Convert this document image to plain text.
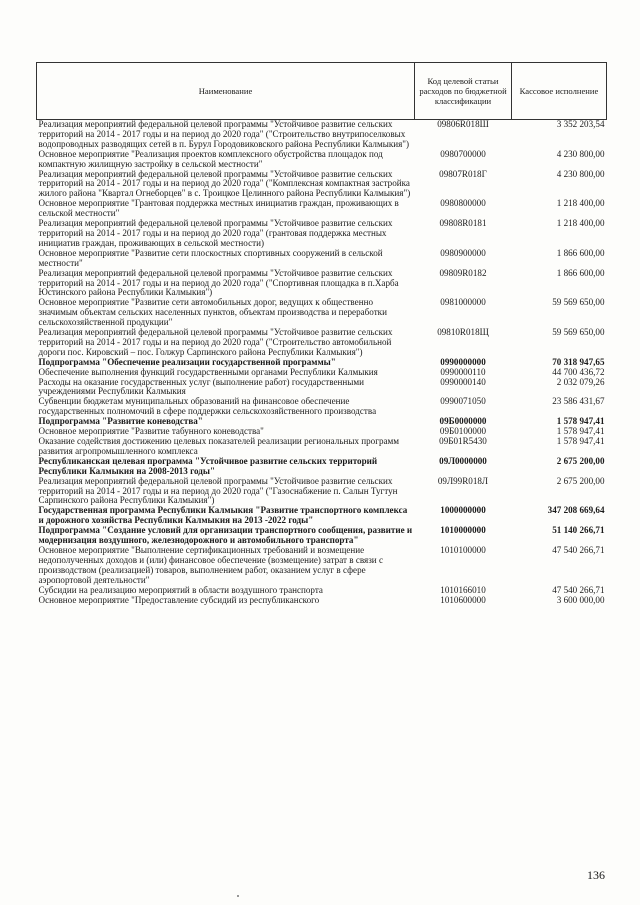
Наименование	Код целевой статьи расходов по бюджетной классификации	Кассовое исполнение
Реализация мероприятий федеральной целевой программы "Устойчивое развитие сельских территорий на 2014 - 2017 годы и на период до 2020 года" ("Строительство внутрипоселковых водопроводных разводящих сетей в п. Бурул Городовиковского района Республики Калмыкия")	09806R018Ш	3 352 203,54
Основное мероприятие "Реализация проектов комплексного обустройства площадок под компактную жилищную застройку в сельской местности"	0980700000	4 230 800,00
Реализация мероприятий федеральной целевой программы "Устойчивое развитие сельских территорий на 2014 - 2017 годы и на период до 2020 года" ("Комплексная компактная застройка жилого района "Квартал Огнеборцев" в с. Троицкое Целинного района Республики Калмыкия")	09807R018Г	4 230 800,00
Основное мероприятие "Грантовая поддержка местных инициатив граждан, проживающих в сельской местности"	0980800000	1 218 400,00
Реализация мероприятий федеральной целевой программы "Устойчивое развитие сельских территорий на 2014 - 2017 годы и на период до 2020 года" (грантовая поддержка местных инициатив граждан, проживающих в сельской местности)	09808R0181	1 218 400,00
Основное мероприятие "Развитие сети плоскостных спортивных сооружений в сельской местности"	0980900000	1 866 600,00
Реализация мероприятий федеральной целевой программы "Устойчивое развитие сельских территорий на 2014 - 2017 годы и на период до 2020 года" ("Спортивная площадка в п.Харба Юстинского района Республики Калмыкия")	09809R0182	1 866 600,00
Основное мероприятие "Развитие сети автомобильных дорог, ведущих к общественно значимым объектам сельских населенных пунктов, объектам производства и переработки сельскохозяйственной продукции"	0981000000	59 569 650,00
Реализация мероприятий федеральной целевой программы "Устойчивое развитие сельских территорий на 2014 - 2017 годы и на период до 2020 года" ("Строительство автомобильной дороги пос. Кировский – пос. Голжур Сарпинского района Республики Калмыкия")	09810R018Щ	59 569 650,00
Подпрограмма "Обеспечение реализации государственной программы"	0990000000	70 318 947,65
Обеспечение выполнения функций государственными органами Республики Калмыкия	0990000110	44 700 436,72
Расходы на оказание государственных услуг (выполнение работ) государственными учреждениями Республики Калмыкия	0990000140	2 032 079,26
Субвенции бюджетам муниципальных образований на финансовое обеспечение государственных полномочий в сфере поддержки сельскохозяйственного производства	0990071050	23 586 431,67
Подпрограмма "Развитие коневодства"	09Б0000000	1 578 947,41
Основное мероприятие "Развитие табунного коневодства"	09Б0100000	1 578 947,41
Оказание содействия достижению целевых показателей реализации региональных программ развития агропромышленного комплекса	09Б01R5430	1 578 947,41
Республиканская целевая программа "Устойчивое развитие сельских территорий Республики Калмыкия на 2008-2013 годы"	09Л0000000	2 675 200,00
Реализация мероприятий федеральной целевой программы "Устойчивое развитие сельских территорий на 2014 - 2017 годы и на период до 2020 года" ("Газоснабжение п. Салын Тугтун Сарпинского района Республики Калмыкия")	09Л99R018Л	2 675 200,00
Государственная программа Республики Калмыкия "Развитие транспортного комплекса и дорожного хозяйства Республики Калмыкия на 2013 -2022 годы"	1000000000	347 208 669,64
Подпрограмма "Создание условий для организации транспортного сообщения, развитие и модернизация воздушного, железнодорожного и автомобильного транспорта"	1010000000	51 140 266,71
Основное мероприятие "Выполнение сертификационных требований и возмещение недополученных доходов и (или) финансовое обеспечение (возмещение) затрат в связи с производством (реализацией) товаров, выполнением работ, оказанием услуг в сфере аэропортовой деятельности"	1010100000	47 540 266,71
Субсидии на реализацию мероприятий в области воздушного транспорта	1010166010	47 540 266,71
Основное мероприятие "Предоставление субсидий из республиканского	1010600000	3 600 000,00
136
